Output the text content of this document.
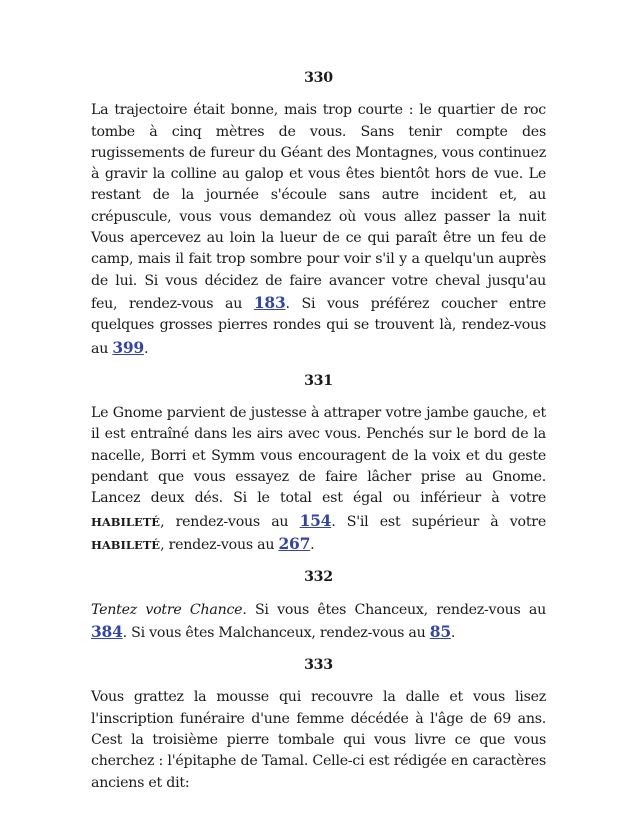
330
La trajectoire était bonne, mais trop courte : le quartier de roc tombe à cinq mètres de vous. Sans tenir compte des rugissements de fureur du Géant des Montagnes, vous continuez à gravir la colline au galop et vous êtes bientôt hors de vue. Le restant de la journée s'écoule sans autre incident et, au crépuscule, vous vous demandez où vous allez passer la nuit Vous apercevez au loin la lueur de ce qui paraît être un feu de camp, mais il fait trop sombre pour voir s'il y a quelqu'un auprès de lui. Si vous décidez de faire avancer votre cheval jusqu'au feu, rendez-vous au 183. Si vous préférez coucher entre quelques grosses pierres rondes qui se trouvent là, rendez-vous au 399.
331
Le Gnome parvient de justesse à attraper votre jambe gauche, et il est entraîné dans les airs avec vous. Penchés sur le bord de la nacelle, Borri et Symm vous encouragent de la voix et du geste pendant que vous essayez de faire lâcher prise au Gnome. Lancez deux dés. Si le total est égal ou inférieur à votre HABILETÉ, rendez-vous au 154. S'il est supérieur à votre HABILETÉ, rendez-vous au 267.
332
Tentez votre Chance. Si vous êtes Chanceux, rendez-vous au 384. Si vous êtes Malchanceux, rendez-vous au 85.
333
Vous grattez la mousse qui recouvre la dalle et vous lisez l'inscription funéraire d'une femme décédée à l'âge de 69 ans. Cest la troisième pierre tombale qui vous livre ce que vous cherchez : l'épitaphe de Tamal. Celle-ci est rédigée en caractères anciens et dit:
